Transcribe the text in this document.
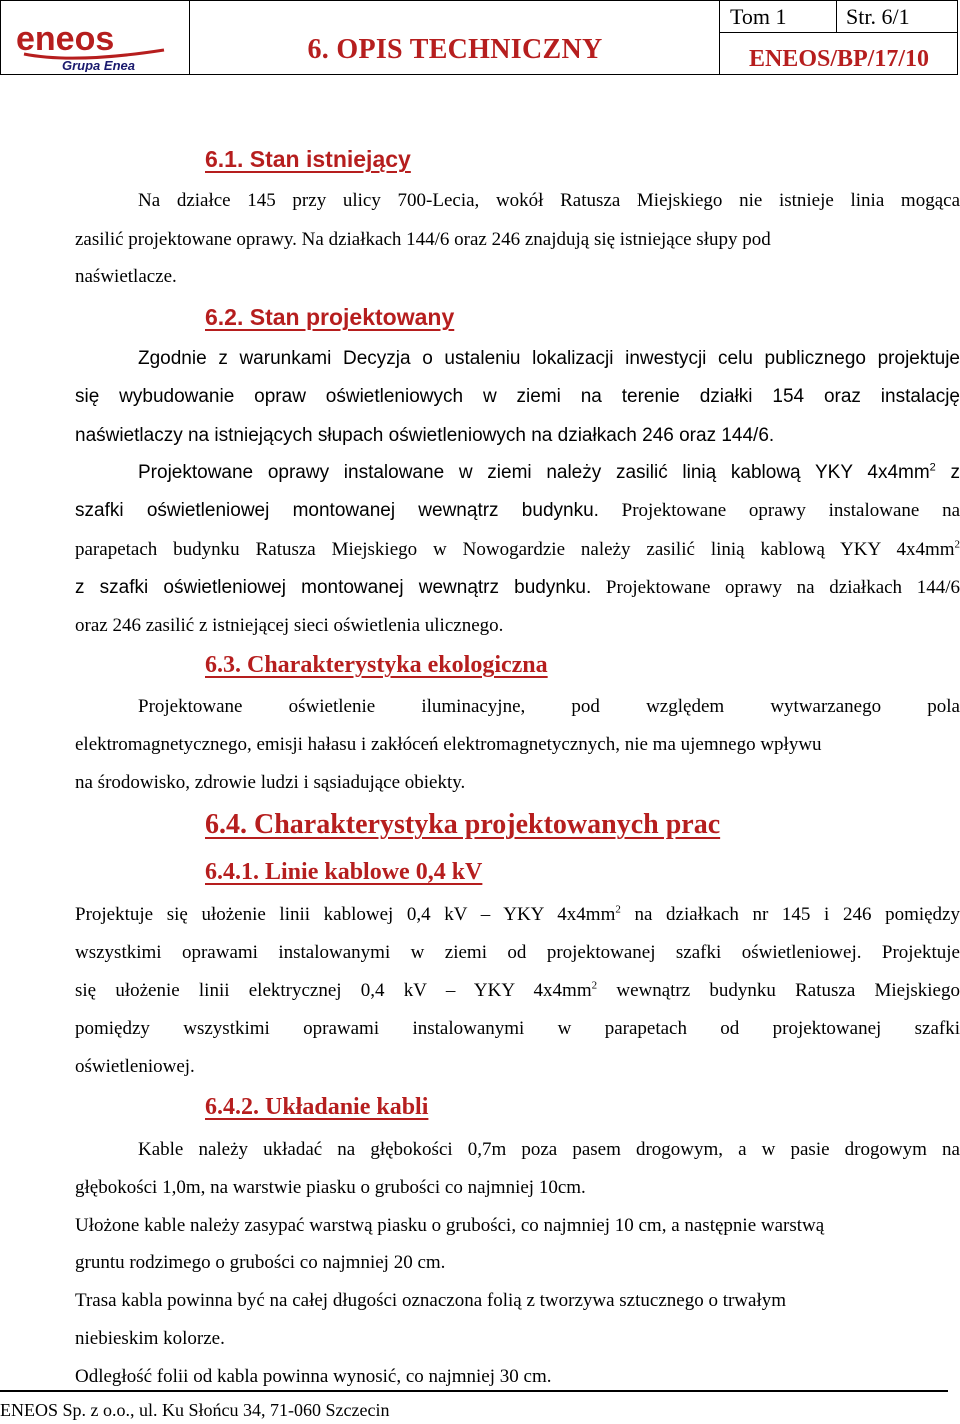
eneos
Grupa Enea
6. OPIS TECHNICZNY
Tom 1	Str. 6/1
ENEOS/BP/17/10
6.1. Stan istniejący
Na działce 145 przy ulicy 700-Lecia, wokół Ratusza Miejskiego nie istnieje linia mogąca
zasilić projektowane oprawy. Na działkach 144/6 oraz 246 znajdują się istniejące słupy pod
naświetlacze.
6.2. Stan projektowany
Zgodnie z warunkami Decyzja o ustaleniu lokalizacji inwestycji celu publicznego projektuje
się wybudowanie opraw oświetleniowych w ziemi na terenie działki 154 oraz instalację
naświetlaczy na istniejących słupach oświetleniowych na działkach 246 oraz 144/6.
Projektowane oprawy instalowane w ziemi należy zasilić linią kablową YKY $4x4mm^2$ z
szafki oświetleniowej montowanej wewnątrz budynku. Projektowane oprawy instalowane na
parapetach budynku Ratusza Miejskiego w Nowogardzie należy zasilić linią kablową YKY $4x4mm^2$
z szafki oświetleniowej montowanej wewnątrz budynku. Projektowane oprawy na działkach 144/6
oraz 246 zasilić z istniejącej sieci oświetlenia ulicznego.
6.3. Charakterystyka ekologiczna
Projektowane oświetlenie iluminacyjne, pod względem wytwarzanego pola
elektromagnetycznego, emisji hałasu i zakłóceń elektromagnetycznych, nie ma ujemnego wpływu
na środowisko, zdrowie ludzi i sąsiadujące obiekty.
6.4. Charakterystyka projektowanych prac
6.4.1. Linie kablowe 0,4 kV
Projektuje się ułożenie linii kablowej 0,4 kV – YKY $4x4mm^2$ na działkach nr 145 i 246 pomiędzy
wszystkimi oprawami instalowanymi w ziemi od projektowanej szafki oświetleniowej. Projektuje
się ułożenie linii elektrycznej 0,4 kV – YKY $4x4mm^2$ wewnątrz budynku Ratusza Miejskiego
pomiędzy wszystkimi oprawami instalowanymi w parapetach od projektowanej szafki
oświetleniowej.
6.4.2. Układanie kabli
Kable należy układać na głębokości 0,7m poza pasem drogowym, a w pasie drogowym na
głębokości 1,0m, na warstwie piasku o grubości co najmniej 10cm.
Ułożone kable należy zasypać warstwą piasku o grubości, co najmniej 10 cm, a następnie warstwą
gruntu rodzimego o grubości co najmniej 20 cm.
Trasa kabla powinna być na całej długości oznaczona folią z tworzywa sztucznego o trwałym
niebieskim kolorze.
Odległość folii od kabla powinna wynosić, co najmniej 30 cm.
ENEOS Sp. z o.o., ul. Ku Słońcu 34, 71-060 Szczecin
